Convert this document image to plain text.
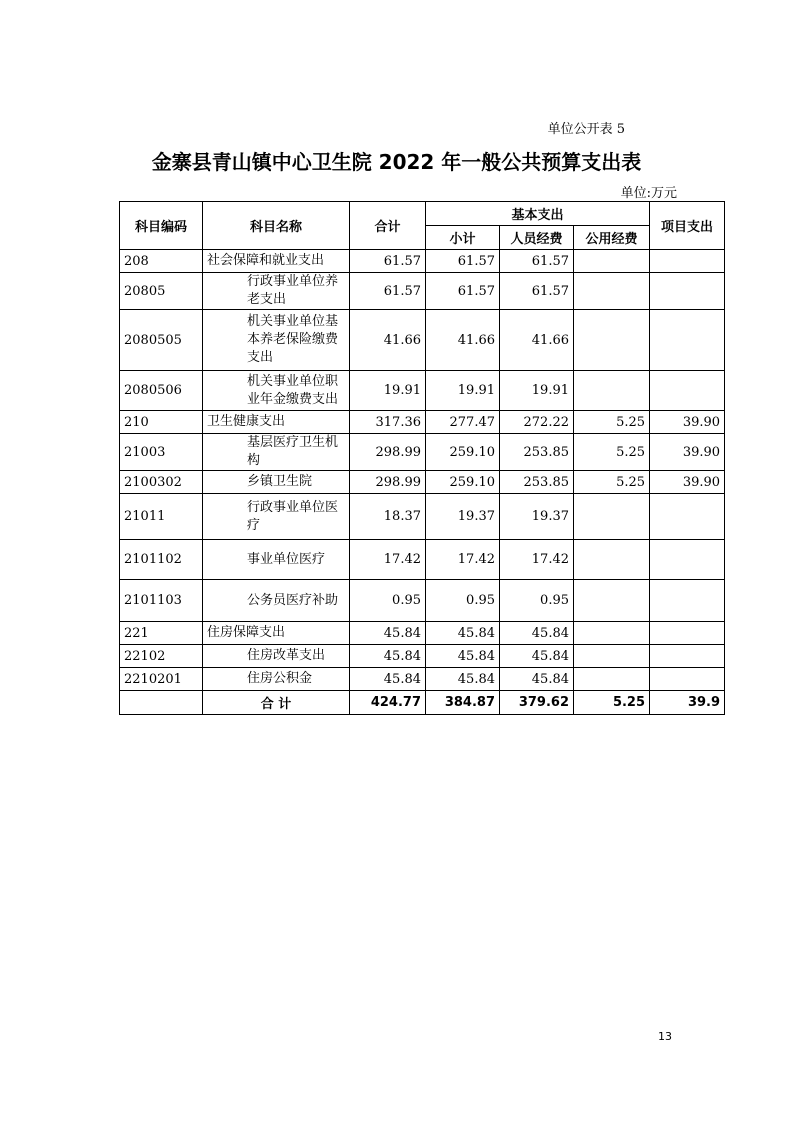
单位公开表 5
金寨县青山镇中心卫生院 2022 年一般公共预算支出表
单位:万元
科目编码	科目名称	合计	基本支出			项目支出
			小计	人员经费	公用经费	
208	社会保障和就业支出	61.57	61.57	61.57		
20805	行政事业单位养老支出	61.57	61.57	61.57		
2080505	机关事业单位基本养老保险缴费支出	41.66	41.66	41.66		
2080506	机关事业单位职业年金缴费支出	19.91	19.91	19.91		
210	卫生健康支出	317.36	277.47	272.22	5.25	39.90
21003	基层医疗卫生机构	298.99	259.10	253.85	5.25	39.90
2100302	乡镇卫生院	298.99	259.10	253.85	5.25	39.90
21011	行政事业单位医疗	18.37	19.37	19.37		
2101102	事业单位医疗	17.42	17.42	17.42		
2101103	公务员医疗补助	0.95	0.95	0.95		
221	住房保障支出	45.84	45.84	45.84		
22102	住房改革支出	45.84	45.84	45.84		
2210201	住房公积金	45.84	45.84	45.84		
	合 计	424.77	384.87	379.62	5.25	39.9
13
